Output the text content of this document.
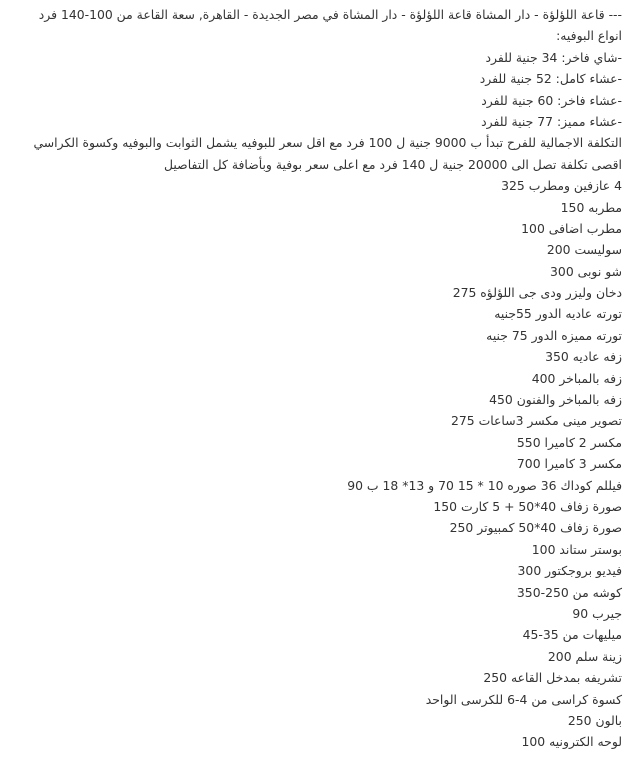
--- قاعة اللؤلؤة - دار المشاة قاعة اللؤلؤة - دار المشاة في مصر الجديدة - القاهرة, سعة القاعة من 100-140 فرد
انواع البوفيه:
-شاي فاخر: 34 جنية للفرد
-عشاء كامل: 52 جنية للفرد
-عشاء فاخر: 60 جنية للفرد
-عشاء مميز: 77 جنية للفرد
التكلفة الاجمالية للفرح تبدأ ب 9000 جنية ل 100 فرد مع اقل سعر للبوفيه يشمل الثوابت والبوفيه وكسوة الكراسي
اقصى تكلفة تصل الى 20000 جنية ل 140 فرد مع اعلى سعر بوفية وبأضافة كل التفاصيل
4 عازفين ومطرب 325
مطربه 150
مطرب اضافى 100
سوليست 200
شو نوبى 300
دخان وليزر ودى جى اللؤلؤه 275
تورته عاديه الدور 55جنيه
تورته مميزه الدور 75 جنيه
زفه عاديه 350
زفه بالمباخر 400
زفه بالمباخر والفنون 450
تصوير مينى مكسر 3ساعات 275
مكسر 2 كاميرا 550
مكسر 3 كاميرا 700
فيللم كوداك 36 صوره 10 * 15 70 و 13* 18 ب 90
صورة زفاف 40*50 + 5 كارت 150
صورة زفاف 40*50 كمبيوتر 250
بوستر ستاند 100
فيديو بروجكتور 300
كوشه من 250-350
جيرب 90
ميليهات من 35-45
زينة سلم 200
تشريفه بمدخل القاعه 250
كسوة كراسى من 4-6 للكرسى الواحد
بالون 250
لوحه الكترونيه 100
